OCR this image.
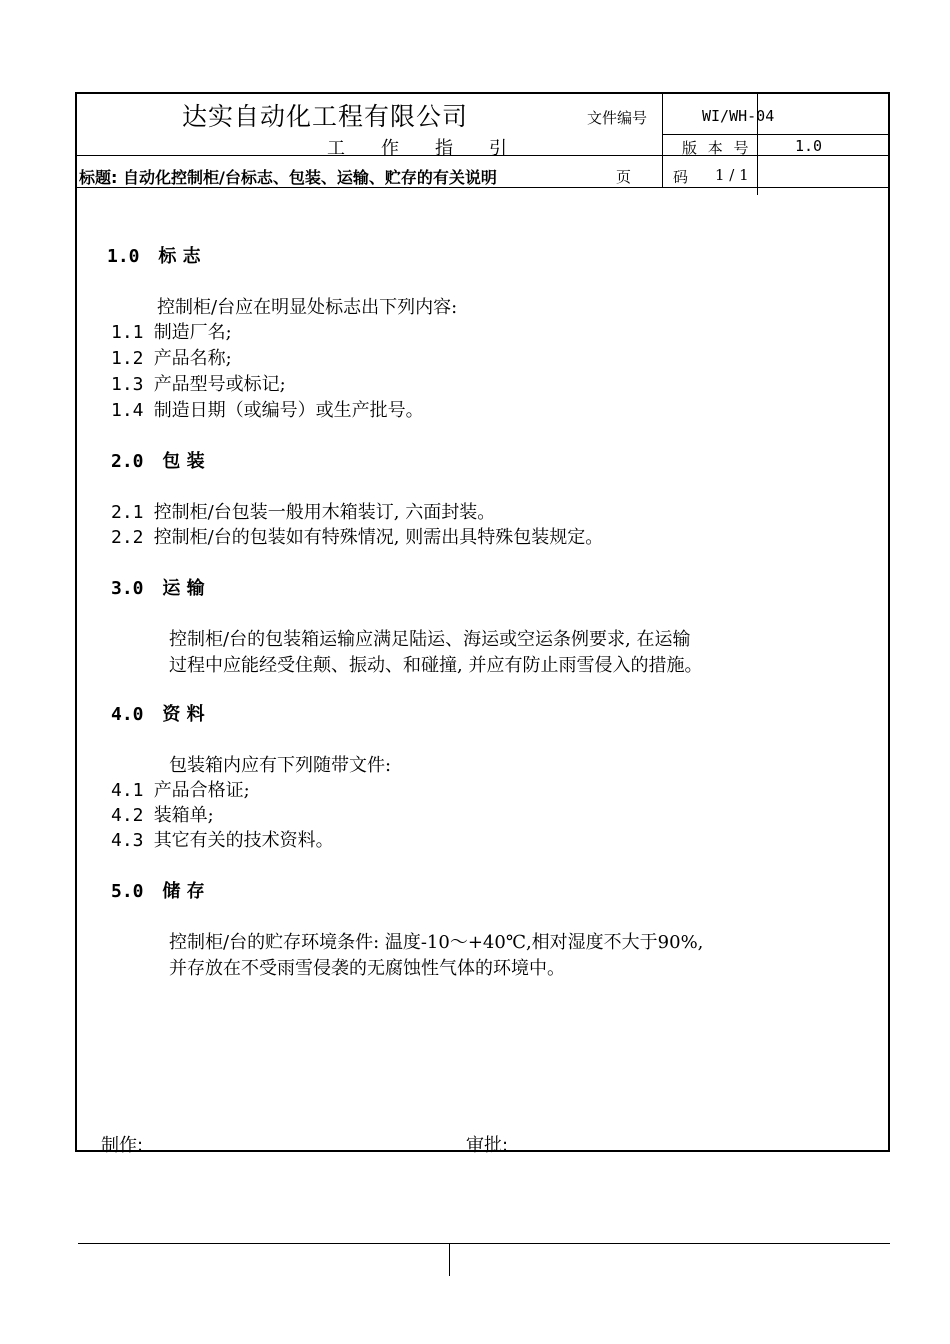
达实自动化工程有限公司	文件编号	WI/WH-04
工　　作　　指　　引	版 本 号	1.0
标题: 自动化控制柜/台标志、包装、运输、贮存的有关说明	页	码 1 / 1
1.0 标 志
控制柜/台应在明显处标志出下列内容:
1.1 制造厂名;
1.2 产品名称;
1.3 产品型号或标记;
1.4 制造日期（或编号）或生产批号。
2.0 包 装
2.1 控制柜/台包装一般用木箱装订, 六面封装。
2.2 控制柜/台的包装如有特殊情况, 则需出具特殊包装规定。
3.0 运 输
控制柜/台的包装箱运输应满足陆运、海运或空运条例要求, 在运输
过程中应能经受住颠、振动、和碰撞, 并应有防止雨雪侵入的措施。
4.0 资 料
包装箱内应有下列随带文件:
4.1 产品合格证;
4.2 装箱单;
4.3 其它有关的技术资料。
5.0 储 存
控制柜/台的贮存环境条件: 温度-10～+40℃,相对湿度不大于90%,
并存放在不受雨雪侵袭的无腐蚀性气体的环境中。
制作:	审批:
